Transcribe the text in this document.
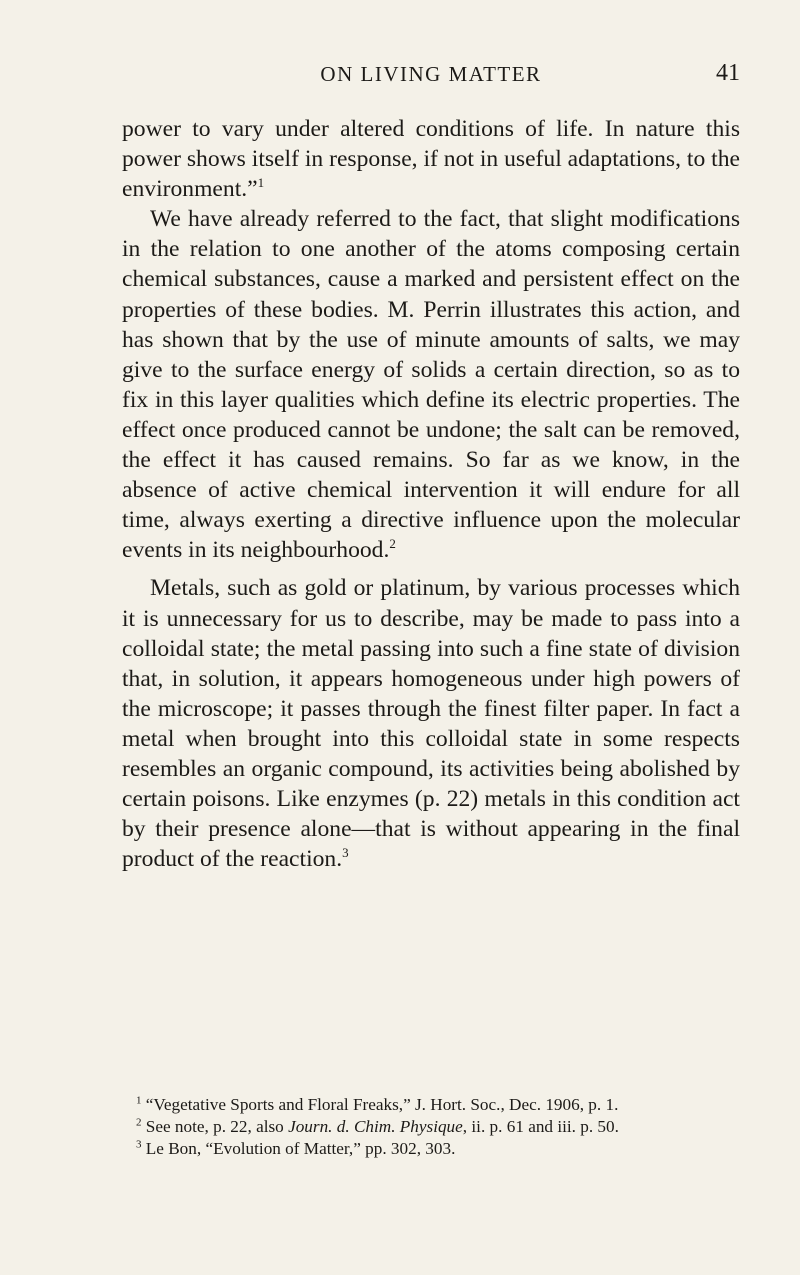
ON LIVING MATTER	41

power to vary under altered conditions of life. In nature this power shows itself in response, if not in useful adaptations, to the environment.”$^1$

We have already referred to the fact, that slight modifications in the relation to one another of the atoms composing certain chemical substances, cause a marked and persistent effect on the properties of these bodies. M. Perrin illustrates this action, and has shown that by the use of minute amounts of salts, we may give to the surface energy of solids a certain direction, so as to fix in this layer qualities which define its electric properties. The effect once produced cannot be undone; the salt can be removed, the effect it has caused remains. So far as we know, in the absence of active chemical intervention it will endure for all time, always exerting a directive influence upon the molecular events in its neighbourhood.$^2$

Metals, such as gold or platinum, by various processes which it is unnecessary for us to describe, may be made to pass into a colloidal state; the metal passing into such a fine state of division that, in solution, it appears homogeneous under high powers of the microscope; it passes through the finest filter paper. In fact a metal when brought into this colloidal state in some respects resembles an organic compound, its activities being abolished by certain poisons. Like enzymes (p. 22) metals in this condition act by their presence alone—that is without appearing in the final product of the reaction.$^3$

$^1$ “Vegetative Sports and Floral Freaks,” J. Hort. Soc., Dec. 1906, p. 1.

$^2$ See note, p. 22, also Journ. d. Chim. Physique, ii. p. 61 and iii. p. 50.

$^3$ Le Bon, “Evolution of Matter,” pp. 302, 303.
